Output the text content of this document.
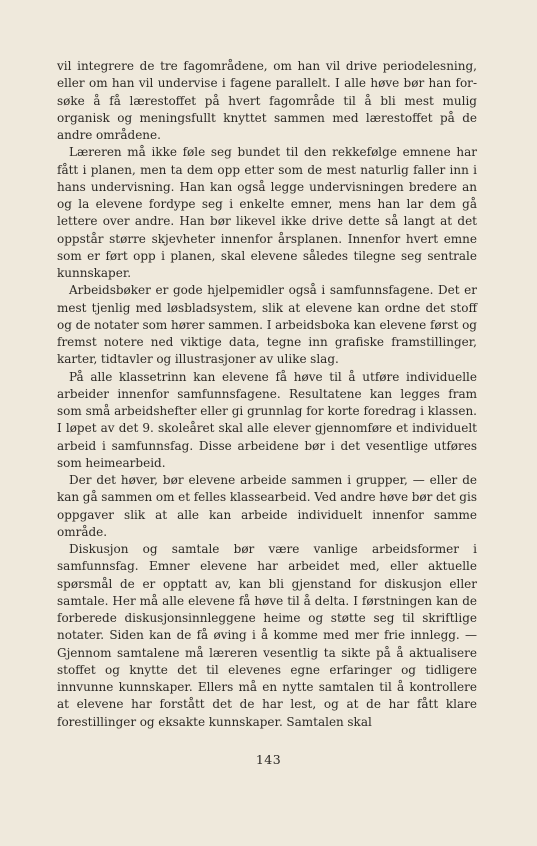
vil integrere de tre fagområdene, om han vil drive periodelesning, eller om han vil undervise i fagene parallelt. I alle høve bør han forsøke å få lærestoffet på hvert fagområde til å bli mest mulig organisk og meningsfullt knyttet sammen med lærestoffet på de andre områdene.

Læreren må ikke føle seg bundet til den rekkefølge emnene har fått i planen, men ta dem opp etter som de mest naturlig faller inn i hans undervisning. Han kan også legge undervisningen bredere an og la elevene fordype seg i enkelte emner, mens han lar dem gå lettere over andre. Han bør likevel ikke drive dette så langt at det oppstår større skjevheter innenfor årsplanen. Innenfor hvert emne som er ført opp i planen, skal elevene således tilegne seg sentrale kunnskaper.

Arbeidsbøker er gode hjelpemidler også i samfunnsfagene. Det er mest tjenlig med løsbladsystem, slik at elevene kan ordne det stoff og de notater som hører sammen. I arbeidsboka kan elevene først og fremst notere ned viktige data, tegne inn grafiske framstillinger, karter, tidtavler og illustrasjoner av ulike slag.

På alle klassetrinn kan elevene få høve til å utføre individuelle arbeider innenfor samfunnsfagene. Resultatene kan legges fram som små arbeidshefter eller gi grunnlag for korte foredrag i klassen. I løpet av det 9. skoleåret skal alle elever gjennomføre et individuelt arbeid i samfunnsfag. Disse arbeidene bør i det vesentlige utføres som heimearbeid.

Der det høver, bør elevene arbeide sammen i grupper, — eller de kan gå sammen om et felles klassearbeid. Ved andre høve bør det gis oppgaver slik at alle kan arbeide individuelt innenfor samme område.

Diskusjon og samtale bør være vanlige arbeidsformer i samfunnsfag. Emner elevene har arbeidet med, eller aktuelle spørsmål de er opptatt av, kan bli gjenstand for diskusjon eller samtale. Her må alle elevene få høve til å delta. I førstningen kan de forberede diskusjonsinnleggene heime og støtte seg til skriftlige notater. Siden kan de få øving i å komme med mer frie innlegg. — Gjennom samtalene må læreren vesentlig ta sikte på å aktualisere stoffet og knytte det til elevenes egne erfaringer og tidligere innvunne kunnskaper. Ellers må en nytte samtalen til å kontrollere at elevene har forstått det de har lest, og at de har fått klare forestillinger og eksakte kunnskaper. Samtalen skal

143
